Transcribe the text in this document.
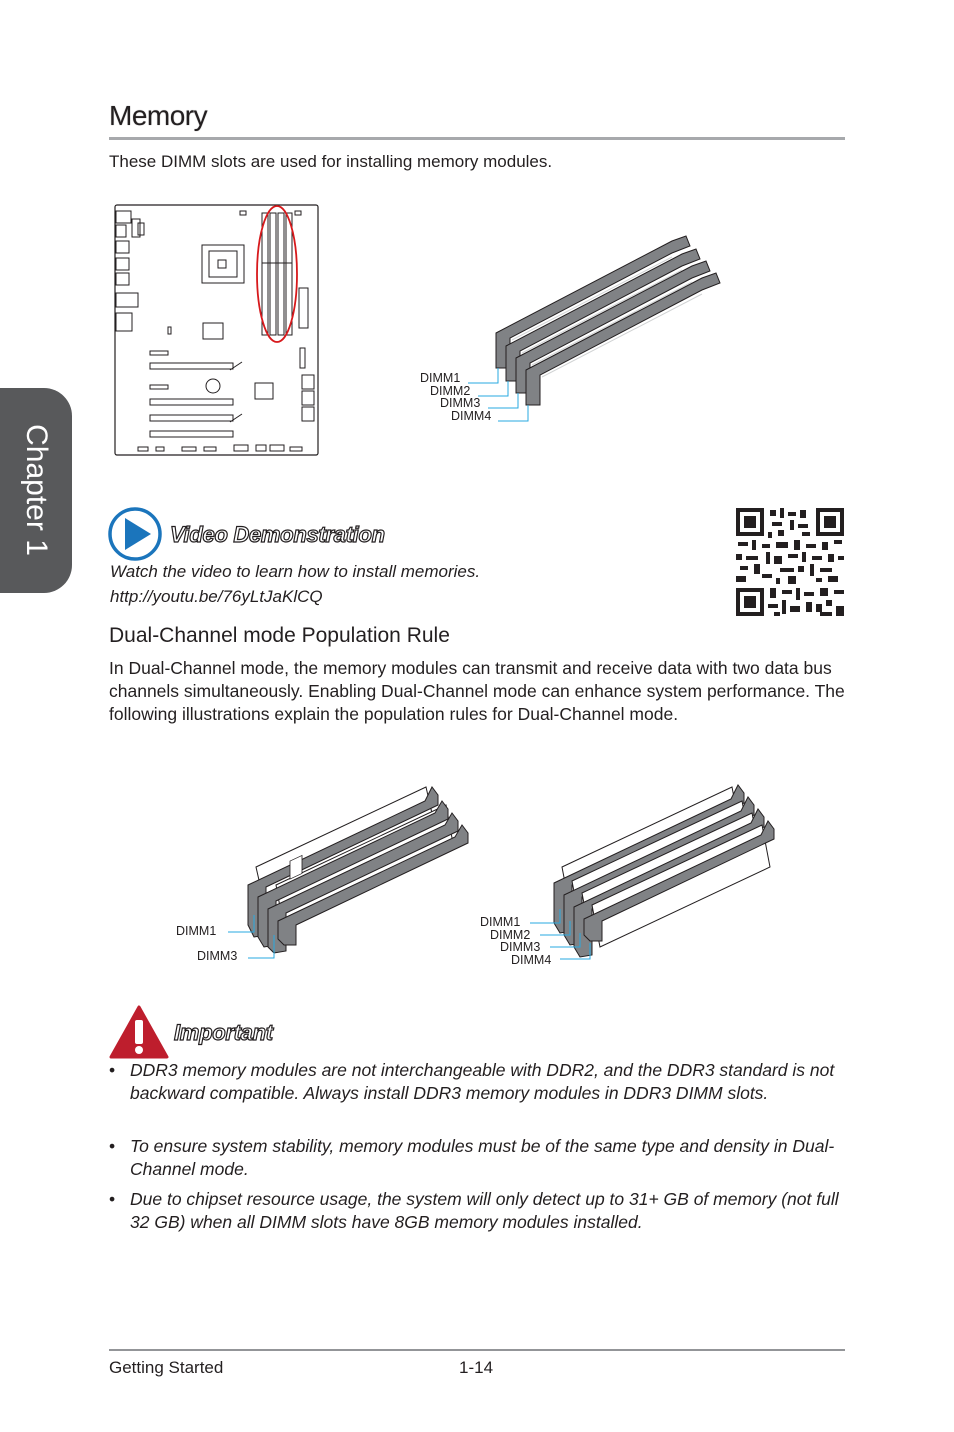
Chapter 1
Memory
These DIMM slots are used for installing memory modules.
DIMM1
DIMM2
DIMM3
DIMM4
Video Demonstration
Watch the video to learn how to install memories.
http://youtu.be/76yLtJaKlCQ
Dual-Channel mode Population Rule
In Dual-Channel mode, the memory modules can transmit and receive data with two data bus channels simultaneously. Enabling Dual-Channel mode can enhance system performance. The following illustrations explain the population rules for Dual-Channel mode.
DIMM1
DIMM3
DIMM1
DIMM2
DIMM3
DIMM4
Important
• DDR3 memory modules are not interchangeable with DDR2, and the DDR3 standard is not backward compatible. Always install DDR3 memory modules in DDR3 DIMM slots.
• To ensure system stability, memory modules must be of the same type and density in Dual-Channel mode.
• Due to chipset resource usage, the system will only detect up to 31+ GB of memory (not full 32 GB) when all DIMM slots have 8GB memory modules installed.
Getting Started	1-14
